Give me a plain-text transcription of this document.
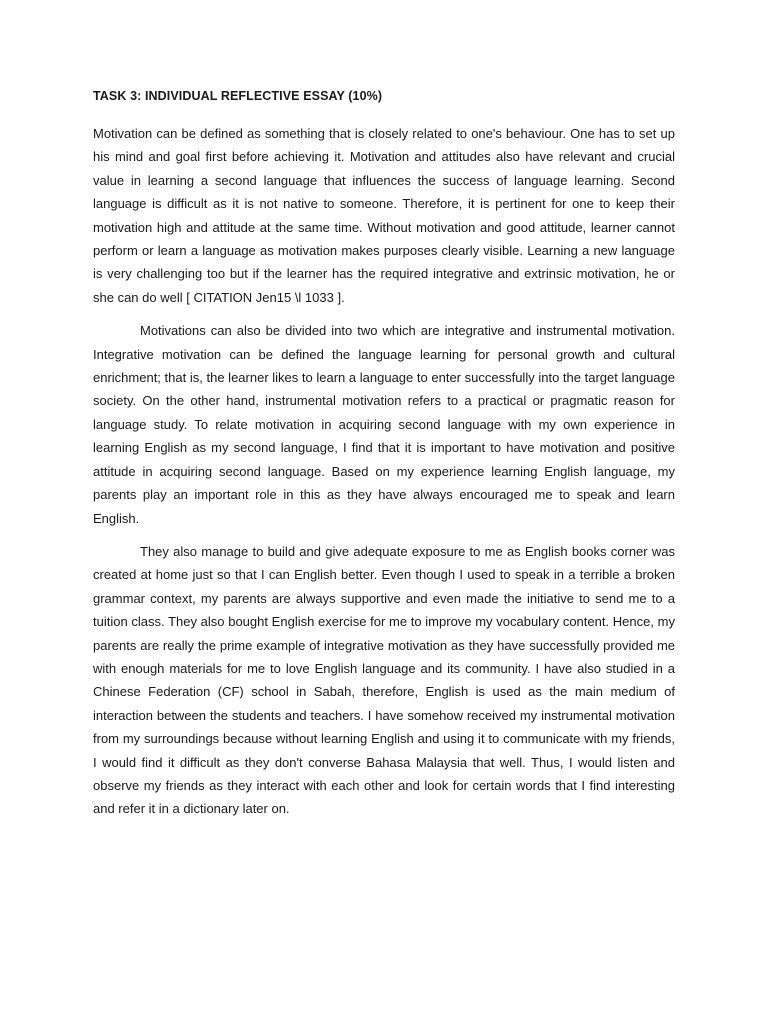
TASK 3: INDIVIDUAL REFLECTIVE ESSAY (10%)

Motivation can be defined as something that is closely related to one's behaviour. One has to set up his mind and goal first before achieving it. Motivation and attitudes also have relevant and crucial value in learning a second language that influences the success of language learning. Second language is difficult as it is not native to someone. Therefore, it is pertinent for one to keep their motivation high and attitude at the same time. Without motivation and good attitude, learner cannot perform or learn a language as motivation makes purposes clearly visible. Learning a new language is very challenging too but if the learner has the required integrative and extrinsic motivation, he or she can do well [ CITATION Jen15 \l 1033 ].

Motivations can also be divided into two which are integrative and instrumental motivation. Integrative motivation can be defined the language learning for personal growth and cultural enrichment; that is, the learner likes to learn a language to enter successfully into the target language society. On the other hand, instrumental motivation refers to a practical or pragmatic reason for language study. To relate motivation in acquiring second language with my own experience in learning English as my second language, I find that it is important to have motivation and positive attitude in acquiring second language. Based on my experience learning English language, my parents play an important role in this as they have always encouraged me to speak and learn English.

They also manage to build and give adequate exposure to me as English books corner was created at home just so that I can English better. Even though I used to speak in a terrible a broken grammar context, my parents are always supportive and even made the initiative to send me to a tuition class. They also bought English exercise for me to improve my vocabulary content. Hence, my parents are really the prime example of integrative motivation as they have successfully provided me with enough materials for me to love English language and its community. I have also studied in a Chinese Federation (CF) school in Sabah, therefore, English is used as the main medium of interaction between the students and teachers. I have somehow received my instrumental motivation from my surroundings because without learning English and using it to communicate with my friends, I would find it difficult as they don't converse Bahasa Malaysia that well. Thus, I would listen and observe my friends as they interact with each other and look for certain words that I find interesting and refer it in a dictionary later on.
